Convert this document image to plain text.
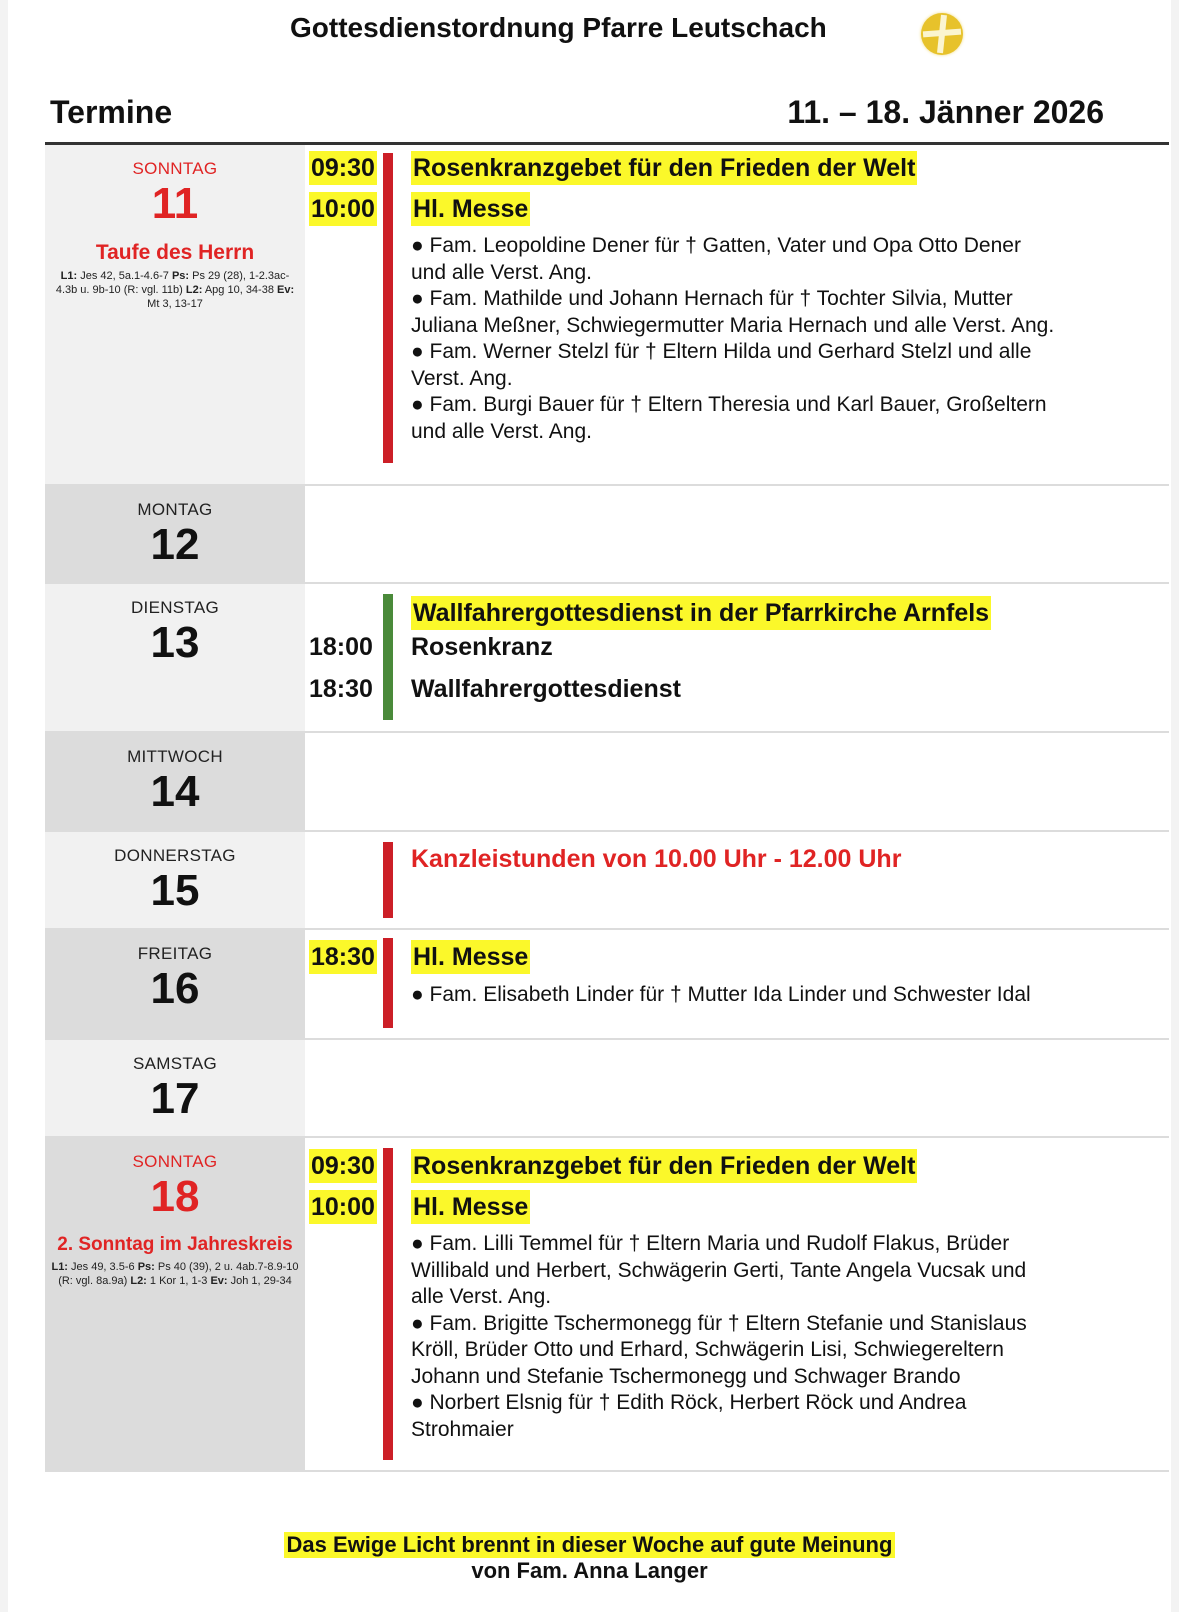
Gottesdienstordnung Pfarre Leutschach
Termine	11. – 18. Jänner 2026
SONNTAG
11
Taufe des Herrn
L1: Jes 42, 5a.1-4.6-7 Ps: Ps 29 (28), 1-2.3ac-4.3b u. 9b-10 (R: vgl. 11b) L2: Apg 10, 34-38 Ev: Mt 3, 13-17
09:30 Rosenkranzgebet für den Frieden der Welt
10:00 Hl. Messe
● Fam. Leopoldine Dener für † Gatten, Vater und Opa Otto Dener
und alle Verst. Ang.
● Fam. Mathilde und Johann Hernach für † Tochter Silvia, Mutter
Juliana Meßner, Schwiegermutter Maria Hernach und alle Verst. Ang.
● Fam. Werner Stelzl für † Eltern Hilda und Gerhard Stelzl und alle
Verst. Ang.
● Fam. Burgi Bauer für † Eltern Theresia und Karl Bauer, Großeltern
und alle Verst. Ang.
MONTAG
12
DIENSTAG
13
Wallfahrergottesdienst in der Pfarrkirche Arnfels
18:00 Rosenkranz
18:30 Wallfahrergottesdienst
MITTWOCH
14
DONNERSTAG
15
Kanzleistunden von 10.00 Uhr - 12.00 Uhr
FREITAG
16
18:30 Hl. Messe
● Fam. Elisabeth Linder für † Mutter Ida Linder und Schwester Idal
SAMSTAG
17
SONNTAG
18
2. Sonntag im Jahreskreis
L1: Jes 49, 3.5-6 Ps: Ps 40 (39), 2 u. 4ab.7-8.9-10 (R: vgl. 8a.9a) L2: 1 Kor 1, 1-3 Ev: Joh 1, 29-34
09:30 Rosenkranzgebet für den Frieden der Welt
10:00 Hl. Messe
● Fam. Lilli Temmel für † Eltern Maria und Rudolf Flakus, Brüder
Willibald und Herbert, Schwägerin Gerti, Tante Angela Vucsak und
alle Verst. Ang.
● Fam. Brigitte Tschermonegg für † Eltern Stefanie und Stanislaus
Kröll, Brüder Otto und Erhard, Schwägerin Lisi, Schwiegereltern
Johann und Stefanie Tschermonegg und Schwager Brando
● Norbert Elsnig für † Edith Röck, Herbert Röck und Andrea
Strohmaier
Das Ewige Licht brennt in dieser Woche auf gute Meinung
von Fam. Anna Langer
